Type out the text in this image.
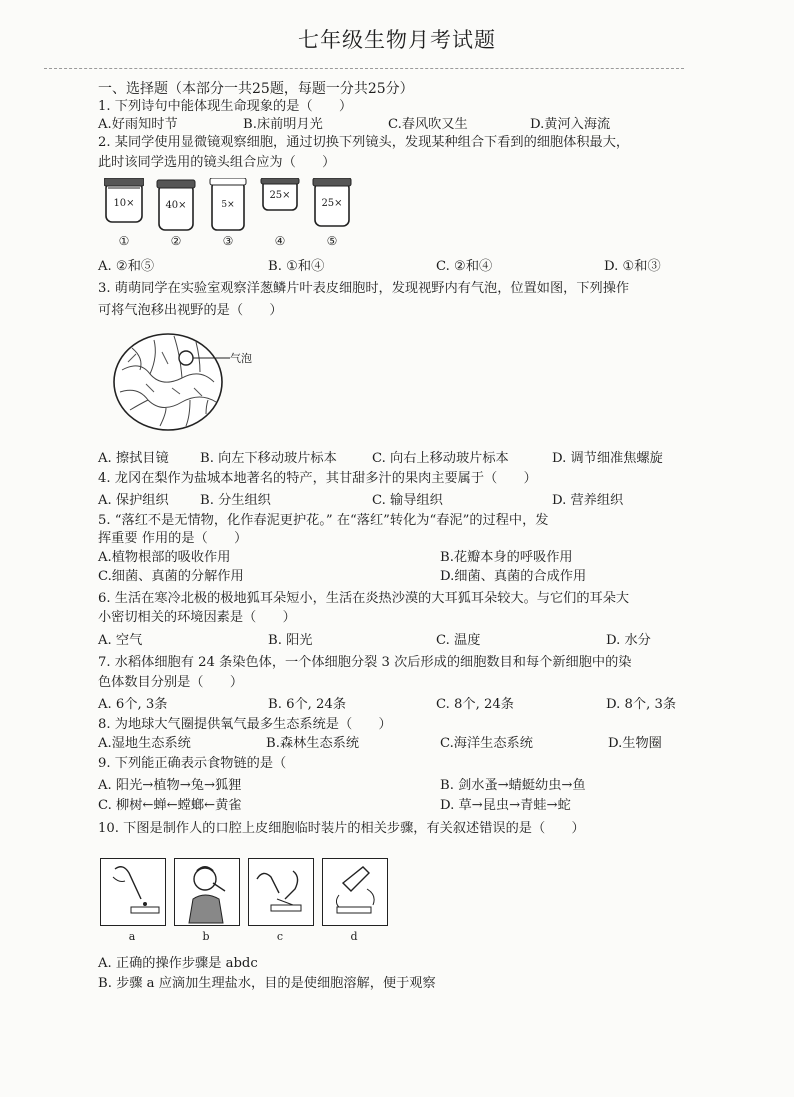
七年级生物月考试题
一、选择题（本部分一共25题，每题一分共25分）
1. 下列诗句中能体现生命现象的是（　　）
A.好雨知时节	B.床前明月光	C.春风吹又生	D.黄河入海流
2. 某同学使用显微镜观察细胞，通过切换下列镜头，发现某种组合下看到的细胞体积最大，
此时该同学选用的镜头组合应为（　　）
10×	40×	5×
25×
25×
①	②	③	④	⑤
A. ②和⑤	B. ①和④	C. ②和④	D. ①和③
3. 萌萌同学在实验室观察洋葱鳞片叶表皮细胞时，发现视野内有气泡，位置如图，下列操作
可将气泡移出视野的是（　　）
气泡
A. 擦拭目镜 B. 向左下移动玻片标本	C. 向右上移动玻片标本	D. 调节细准焦螺旋
4. 龙冈在梨作为盐城本地著名的特产，其甘甜多汁的果肉主要属于（　　）
A. 保护组织 B. 分生组织	C. 输导组织	D. 营养组织
5. “落红不是无情物，化作春泥更护花。” 在“落红”转化为“春泥”的过程中，发
挥重要 作用的是（　　）
A.植物根部的吸收作用	B.花瓣本身的呼吸作用
C.细菌、真菌的分解作用	D.细菌、真菌的合成作用
6. 生活在寒冷北极的极地狐耳朵短小，生活在炎热沙漠的大耳狐耳朵较大。与它们的耳朵大
小密切相关的环境因素是（　　）
A. 空气	B. 阳光	C. 温度	D. 水分
7. 水稻体细胞有 24 条染色体，一个体细胞分裂 3 次后形成的细胞数目和每个新细胞中的染
色体数目分别是（　　）
A. 6个, 3条	B. 6个, 24条	C. 8个, 24条	D. 8个, 3条
8. 为地球大气圈提供氧气最多生态系统是（　　）
A.湿地生态系统	B.森林生态系统	C.海洋生态系统	D.生物圈
9. 下列能正确表示食物链的是（
A. 阳光→植物→兔→狐狸	B. 剑水蚤→蜻蜓幼虫→鱼
C. 柳树←蝉←螳螂←黄雀	D. 草→昆虫→青蛙→蛇
10. 下图是制作人的口腔上皮细胞临时装片的相关步骤，有关叙述错误的是（　　）
a	b	c	d
A. 正确的操作步骤是 abdc
B. 步骤 a 应滴加生理盐水，目的是使细胞溶解，便于观察
